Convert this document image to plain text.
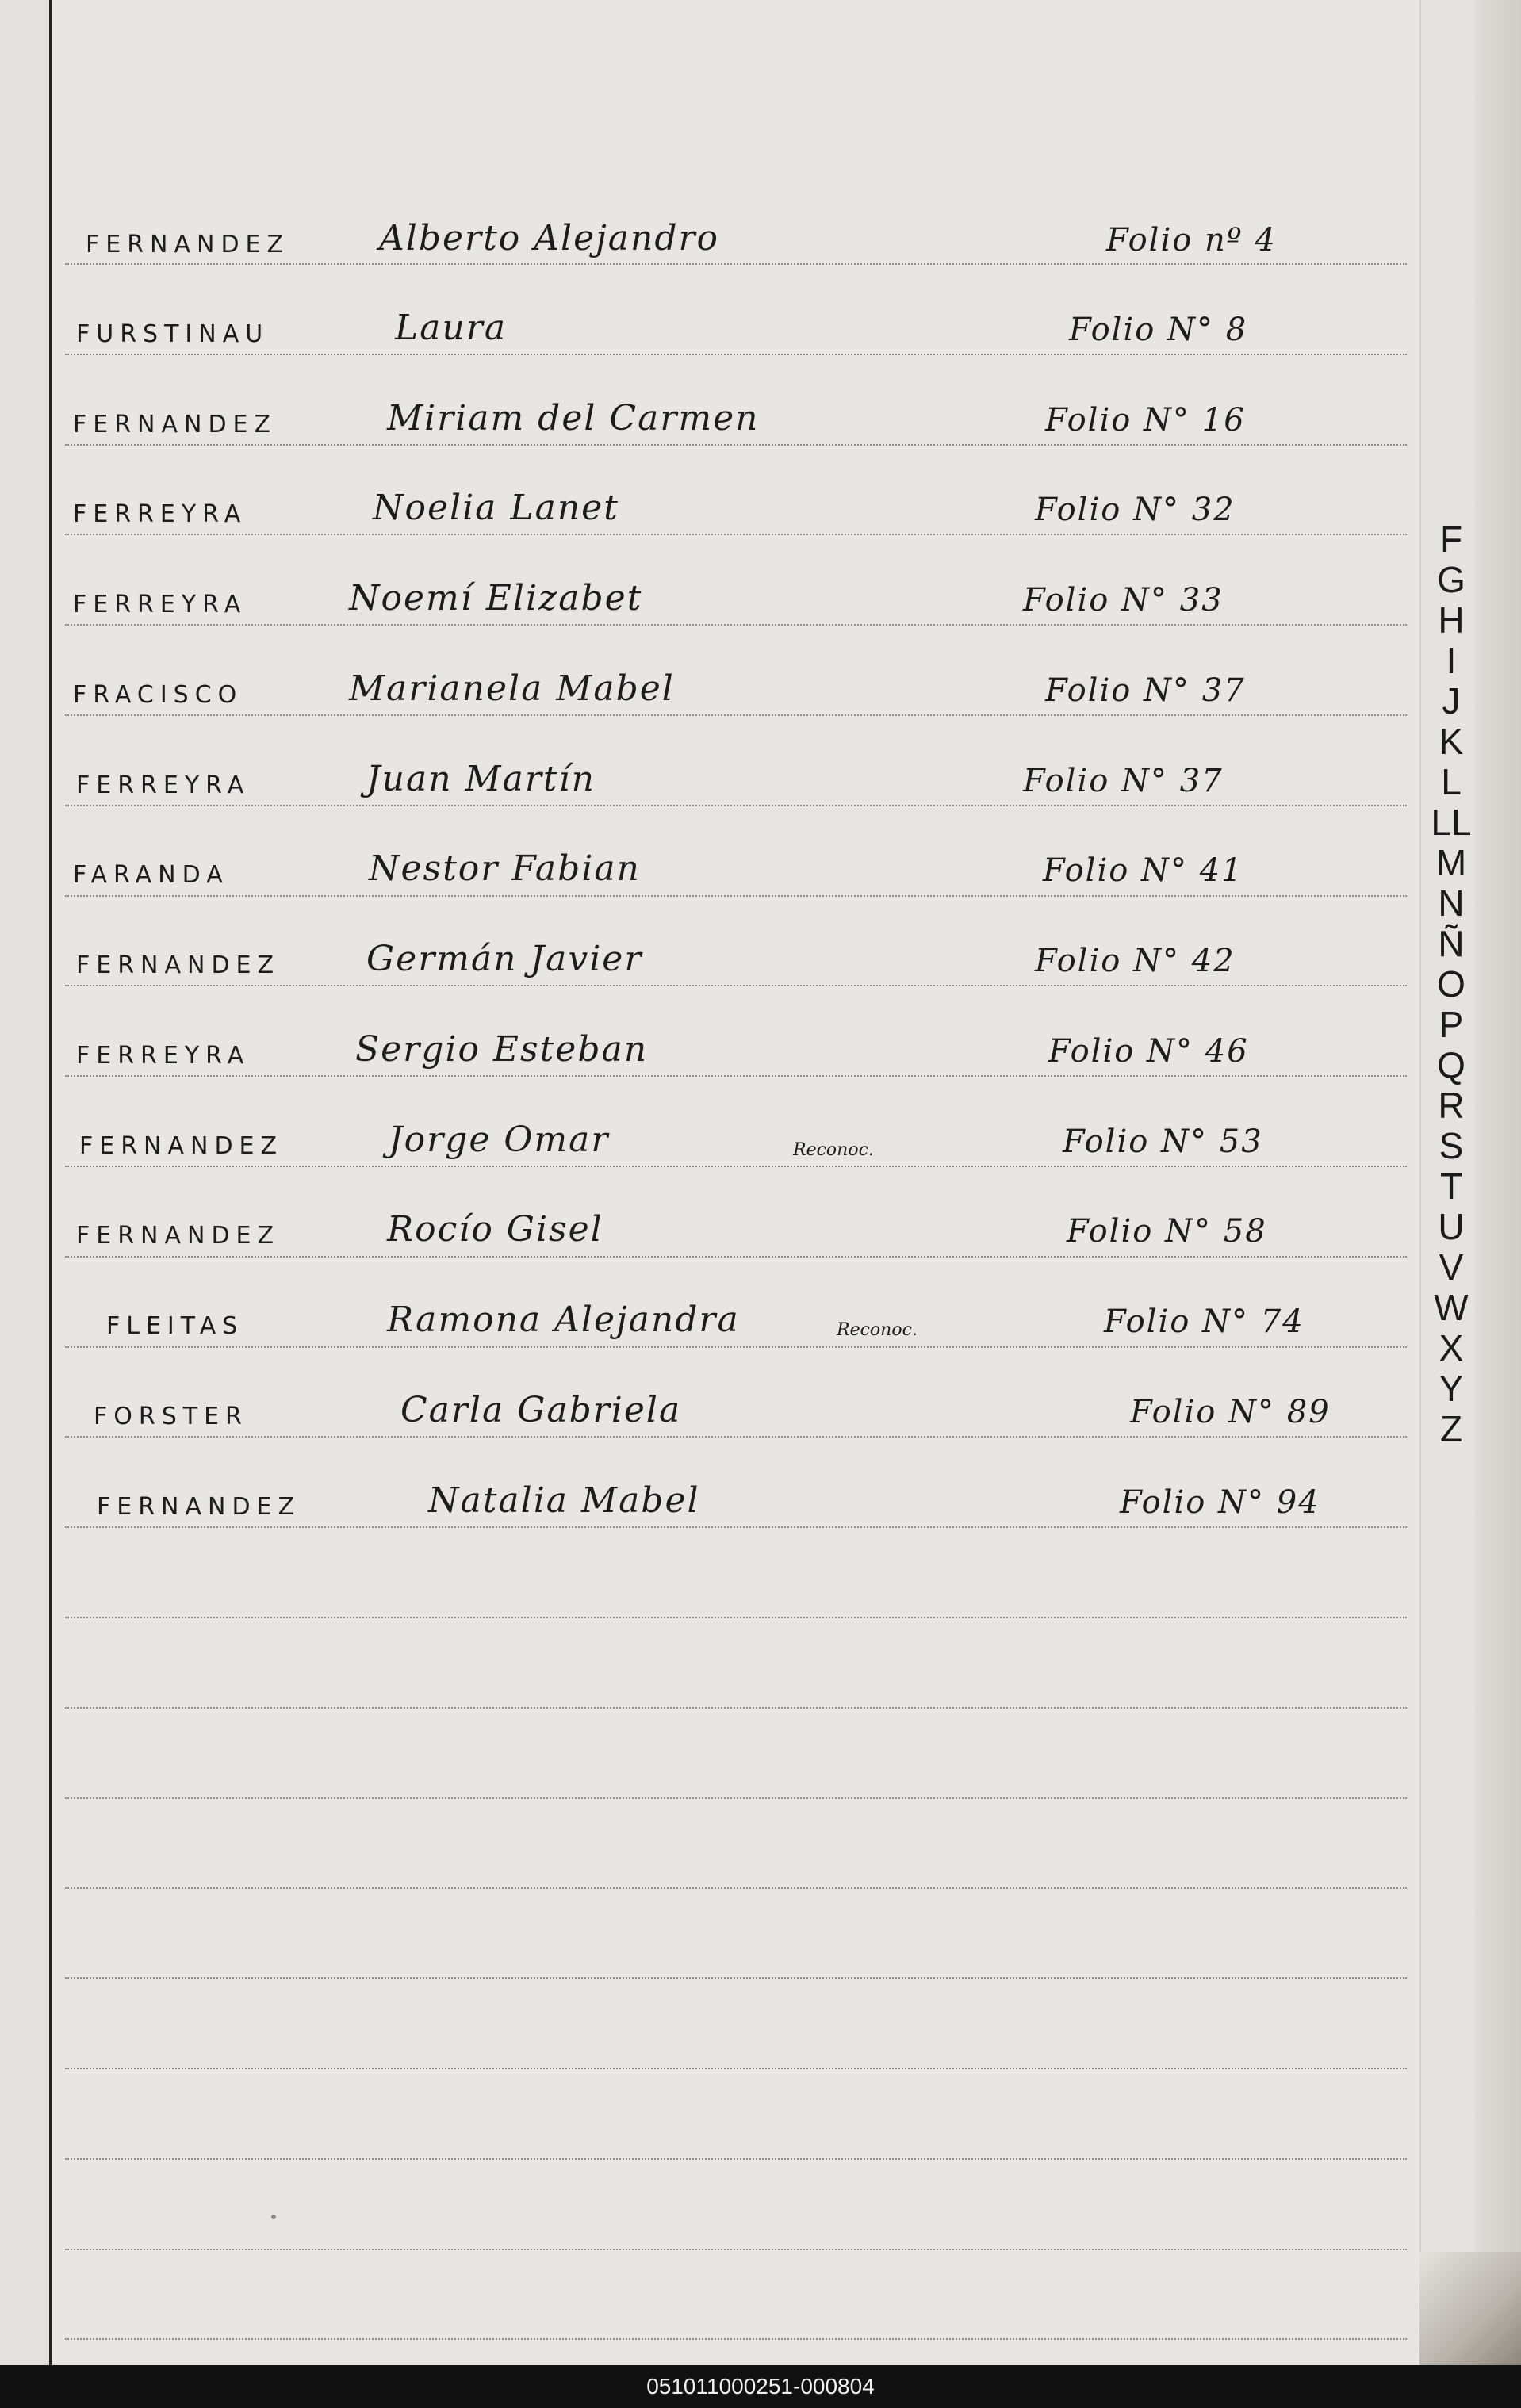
FERNANDEZ	Alberto Alejandro	Folio nº 4
FURSTINAU	Laura	Folio N° 8
FERNANDEZ	Miriam del Carmen	Folio N° 16
FERREYRA	Noelia Lanet	Folio N° 32
FERREYRA	Noemí Elizabet	Folio N° 33
FRACISCO	Marianela Mabel	Folio N° 37
FERREYRA	Juan Martín	Folio N° 37
FARANDA	Nestor Fabian	Folio N° 41
FERNANDEZ Germán Javier	Folio N° 42
FERREYRA	Sergio Esteban	Folio N° 46
FERNANDEZ	Jorge Omar	Reconoc.	Folio N° 53
FERNANDEZ	Rocío Gisel	Folio N° 58
FLEITAS	Ramona Alejandra	Reconoc.	Folio N° 74
FORSTER	Carla Gabriela	Folio N° 89
FERNANDEZ	Natalia Mabel	Folio N° 94
F
G
H
I
J
K
L
LL
M
N
Ñ
O
P
Q
R
S
T
U
V
W
X
Y
Z
051011000251-000804
